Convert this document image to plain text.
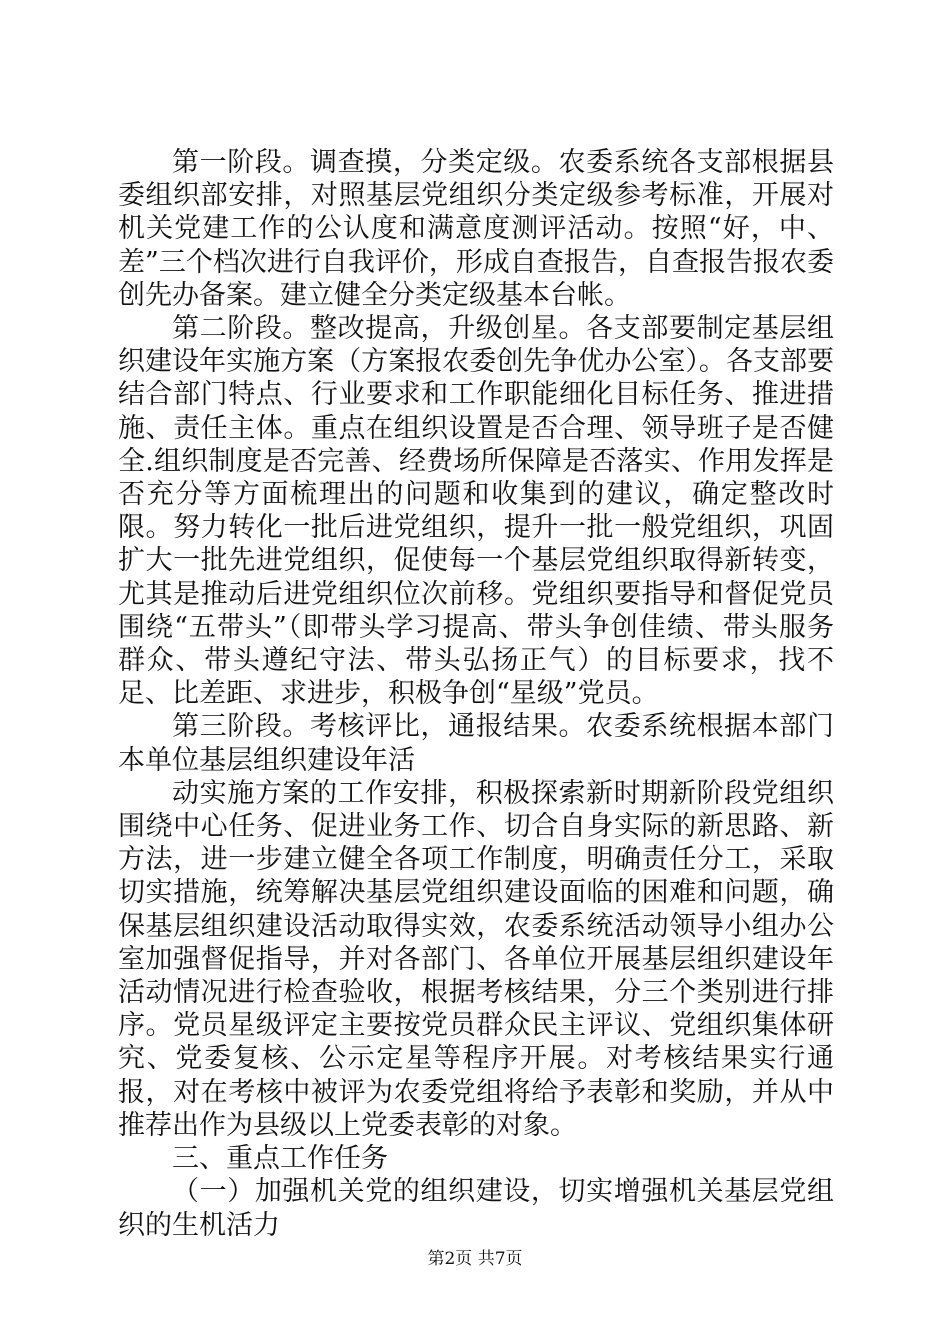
第一阶段。调查摸，分类定级。农委系统各支部根据县委组织部安排，对照基层党组织分类定级参考标准，开展对机关党建工作的公认度和满意度测评活动。按照“好，中、差”三个档次进行自我评价，形成自查报告，自查报告报农委创先办备案。建立健全分类定级基本台帐。

第二阶段。整改提高，升级创星。各支部要制定基层组织建设年实施方案（方案报农委创先争优办公室）。各支部要结合部门特点、行业要求和工作职能细化目标任务、推进措施、责任主体。重点在组织设置是否合理、领导班子是否健全.组织制度是否完善、经费场所保障是否落实、作用发挥是否充分等方面梳理出的问题和收集到的建议，确定整改时限。努力转化一批后进党组织，提升一批一般党组织，巩固扩大一批先进党组织，促使每一个基层党组织取得新转变，尤其是推动后进党组织位次前移。党组织要指导和督促党员围绕“五带头”（即带头学习提高、带头争创佳绩、带头服务群众、带头遵纪守法、带头弘扬正气）的目标要求，找不足、比差距、求进步，积极争创“星级”党员。

第三阶段。考核评比，通报结果。农委系统根据本部门本单位基层组织建设年活

动实施方案的工作安排，积极探索新时期新阶段党组织围绕中心任务、促进业务工作、切合自身实际的新思路、新方法，进一步建立健全各项工作制度，明确责任分工，采取切实措施，统筹解决基层党组织建设面临的困难和问题，确保基层组织建设活动取得实效，农委系统活动领导小组办公室加强督促指导，并对各部门、各单位开展基层组织建设年活动情况进行检查验收，根据考核结果，分三个类别进行排序。党员星级评定主要按党员群众民主评议、党组织集体研究、党委复核、公示定星等程序开展。对考核结果实行通报，对在考核中被评为农委党组将给予表彰和奖励，并从中推荐出作为县级以上党委表彰的对象。

三、重点工作任务

（一）加强机关党的组织建设，切实增强机关基层党组织的生机活力

第2页 共7页
